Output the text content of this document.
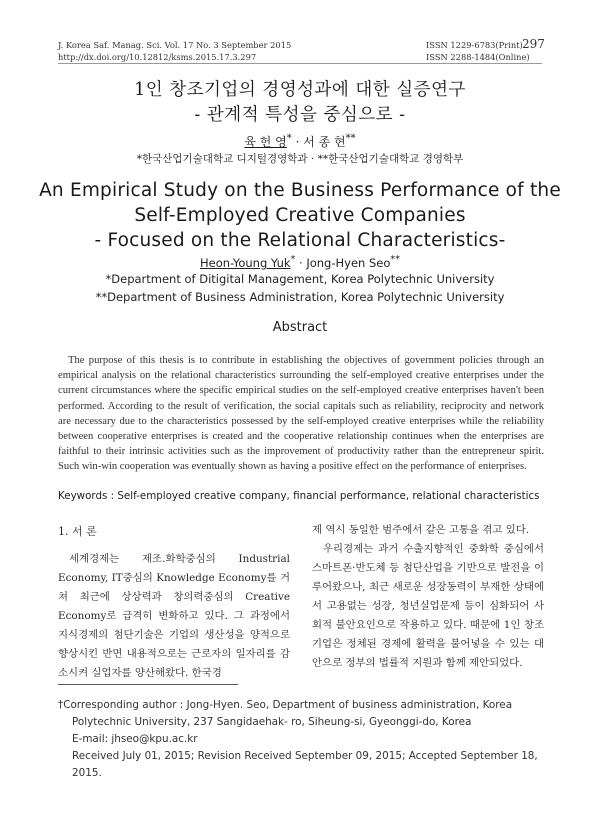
J. Korea Saf. Manag. Sci. Vol. 17 No. 3 September 2015
http://dx.doi.org/10.12812/ksms.2015.17.3.297
ISSN 1229-6783(Print)
ISSN 2288-1484(Online)
297
1인 창조기업의 경영성과에 대한 실증연구
- 관계적 특성을 중심으로 -
육 헌 영* · 서 종 현**
*한국산업기술대학교 디지털경영학과 · **한국산업기술대학교 경영학부
An Empirical Study on the Business Performance of the
Self-Employed Creative Companies
- Focused on the Relational Characteristics-
Heon-Young Yuk* · Jong-Hyen Seo**
*Department of Ditigital Management, Korea Polytechnic University
**Department of Business Administration, Korea Polytechnic University
Abstract
The purpose of this thesis is to contribute in establishing the objectives of government policies through an empirical analysis on the relational characteristics surrounding the self-employed creative enterprises under the current circumstances where the specific empirical studies on the self-employed creative enterprises haven't been performed. According to the result of verification, the social capitals such as reliability, reciprocity and network are necessary due to the characteristics possessed by the self-employed creative enterprises while the reliability between cooperative enterprises is created and the cooperative relationship continues when the enterprises are faithful to their intrinsic activities such as the improvement of productivity rather than the entrepreneur spirit. Such win-win cooperation was eventually shown as having a positive effect on the performance of enterprises.
Keywords : Self-employed creative company, financial performance, relational characteristics
1. 서 론
세계경제는 제조․화학중심의 Industrial Economy, IT중심의 Knowledge Economy를 거쳐 최근에 상상력과 창의력중심의 Creative Economy로 급격히 변화하고 있다. 그 과정에서 지식경제의 첨단기술은 기업의 생산성을 양적으로 향상시킨 반면 내용적으로는 근로자의 일자리를 감소시켜 실업자를 양산해왔다. 한국경

제 역시 동일한 범주에서 같은 고통을 겪고 있다.

우리경제는 과거 수출지향적인 중화학 중심에서스마트폰·반도체 등 첨단산업을 기반으로 발전을 이루어왔으나, 최근 새로운 성장동력이 부재한 상태에서 고용없는 성장, 청년실업문제 등이 심화되어 사회적 불안요인으로 작용하고 있다. 때문에 1인 창조기업은 정체된 경제에 활력을 불어넣을 수 있는 대안으로 정부의 법률적 지원과 함께 제안되었다.

†Corresponding author : Jong-Hyen. Seo, Department of business administration, Korea
Polytechnic University, 237 Sangidaehak- ro, Siheung-si, Gyeonggi-do, Korea
E-mail: jhseo@kpu.ac.kr
Received July 01, 2015; Revision Received September 09, 2015; Accepted September 18, 2015.
